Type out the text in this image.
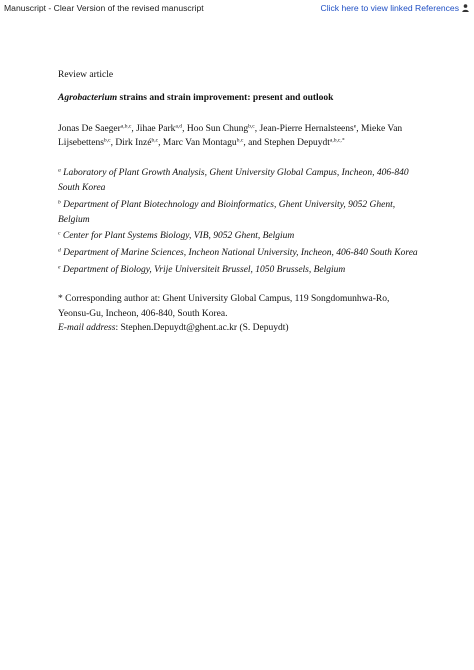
Manuscript - Clear Version of the revised manuscript	Click here to view linked References

Review article

Agrobacterium strains and strain improvement: present and outlook

Jonas De Saeger$^{a,b,c}$, Jihae Park$^{a,d}$, Hoo Sun Chung$^{b,c}$, Jean-Pierre Hernalsteens$^e$, Mieke Van Lijsebettens$^{b,c}$, Dirk Inzé$^{b,c}$, Marc Van Montagu$^{b,c}$, and Stephen Depuydt$^{a,b,c,*}$

$^a$ Laboratory of Plant Growth Analysis, Ghent University Global Campus, Incheon, 406-840 South Korea

$^b$ Department of Plant Biotechnology and Bioinformatics, Ghent University, 9052 Ghent, Belgium

$^c$ Center for Plant Systems Biology, VIB, 9052 Ghent, Belgium

$^d$ Department of Marine Sciences, Incheon National University, Incheon, 406-840 South Korea

$^e$ Department of Biology, Vrije Universiteit Brussel, 1050 Brussels, Belgium

* Corresponding author at: Ghent University Global Campus, 119 Songdomunhwa-Ro, Yeonsu-Gu, Incheon, 406-840, South Korea.

E-mail address: Stephen.Depuydt@ghent.ac.kr (S. Depuydt)
